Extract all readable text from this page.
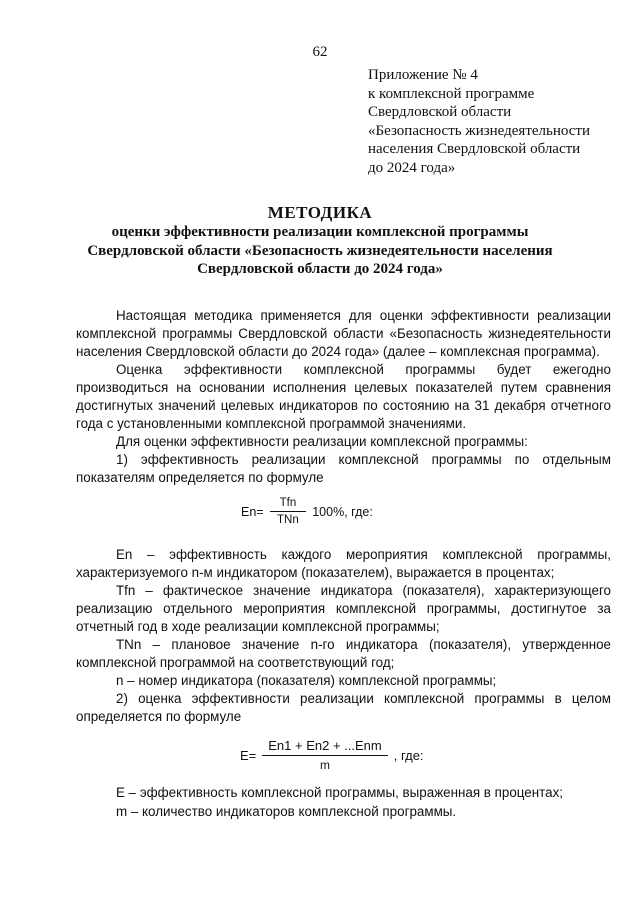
62
Приложение № 4
к комплексной программе
Свердловской области
«Безопасность жизнедеятельности
населения Свердловской области
до 2024 года»
МЕТОДИКА
оценки эффективности реализации комплексной программы
Свердловской области «Безопасность жизнедеятельности населения
Свердловской области до 2024 года»

Настоящая методика применяется для оценки эффективности реализации комплексной программы Свердловской области «Безопасность жизнедеятельности населения Свердловской области до 2024 года» (далее – комплексная программа).

Оценка эффективности комплексной программы будет ежегодно производиться на основании исполнения целевых показателей путем сравнения достигнутых значений целевых индикаторов по состоянию на 31 декабря отчетного года с установленными комплексной программой значениями.

Для оценки эффективности реализации комплексной программы:

1) эффективность реализации комплексной программы по отдельным показателям определяется по формуле

$En= \frac{\text{Tfn}}{\text{TNn}} 100\%$, где:

En – эффективность каждого мероприятия комплексной программы, характеризуемого n-м индикатором (показателем), выражается в процентах;

Tfn – фактическое значение индикатора (показателя), характеризующего реализацию отдельного мероприятия комплексной программы, достигнутое за отчетный год в ходе реализации комплексной программы;

TNn – плановое значение n-го индикатора (показателя), утвержденное комплексной программой на соответствующий год;

n – номер индикатора (показателя) комплексной программы;

2) оценка эффективности реализации комплексной программы в целом определяется по формуле

$E= \frac{\text{En1 + En2 + ...Enm}}{m}$ , где:

E – эффективность комплексной программы, выраженная в процентах;

m – количество индикаторов комплексной программы.
